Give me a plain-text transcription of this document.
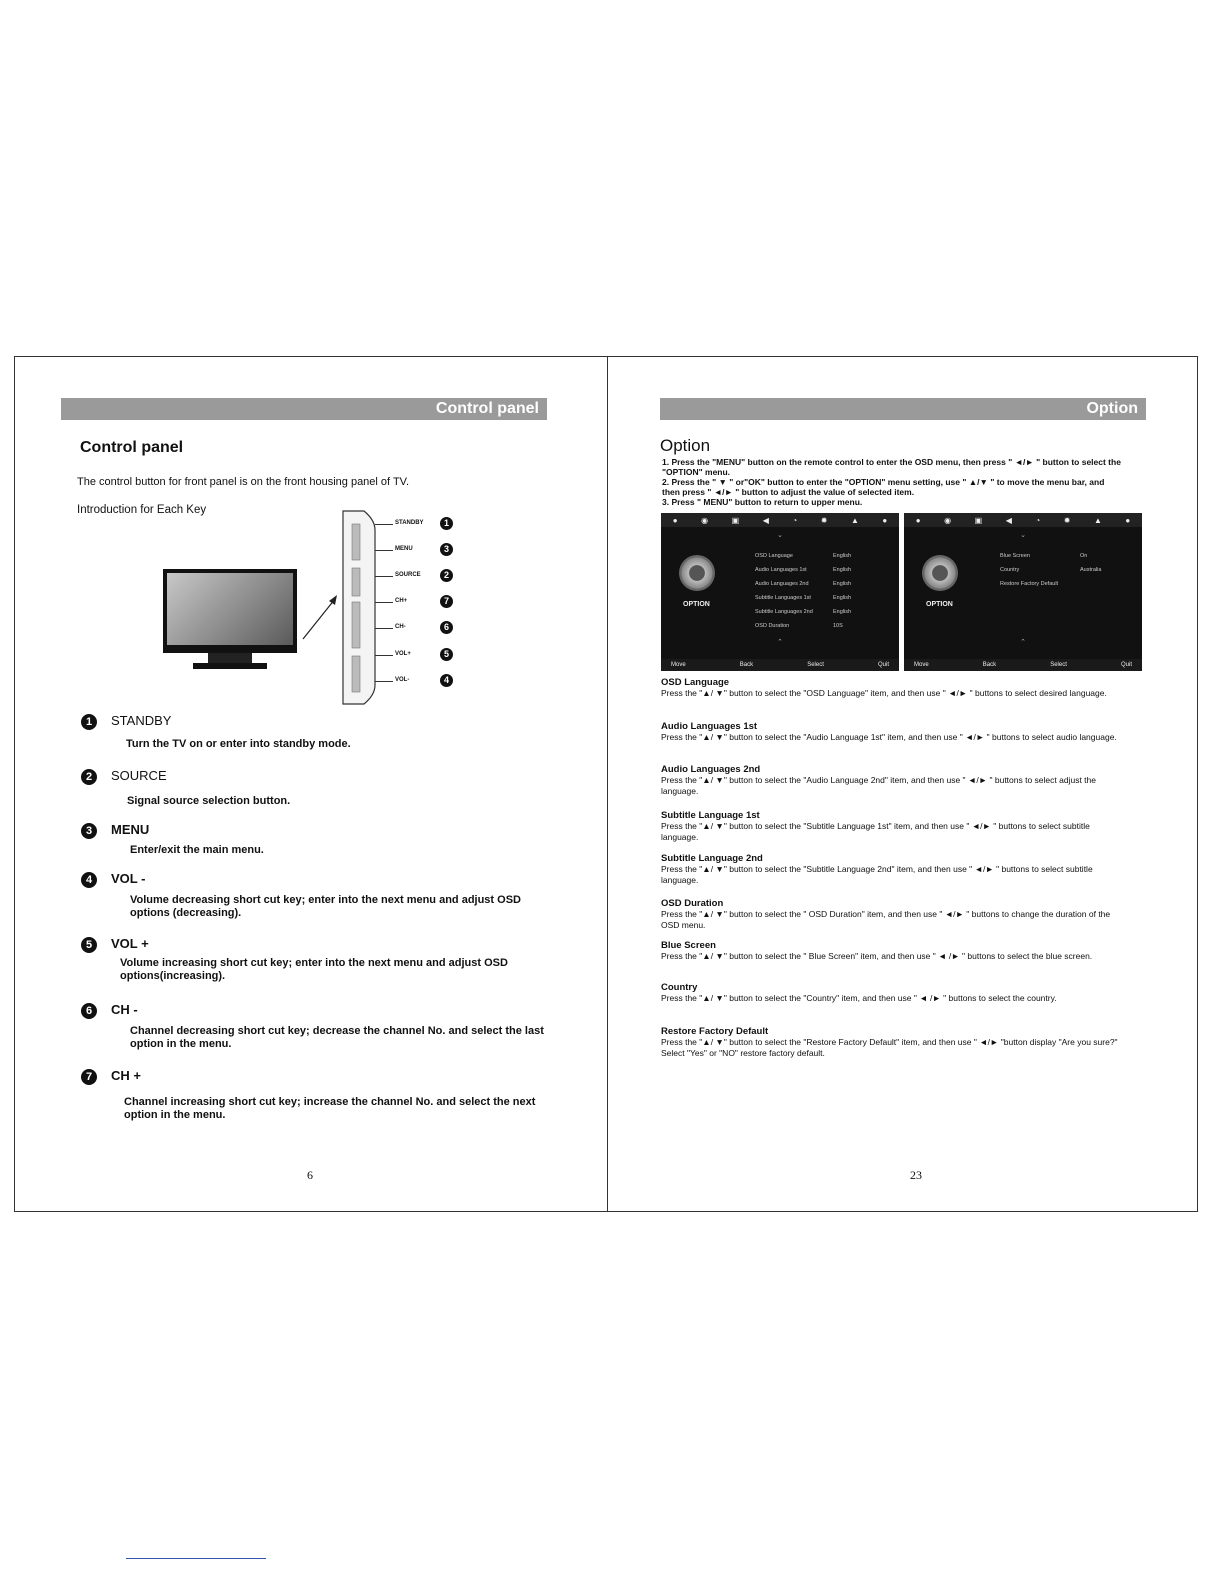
Control panel
Control panel
The control button for front panel is on the front housing panel of TV.
Introduction for Each Key
STANDBY	1
MENU	3
SOURCE	2
CH+	7
CH-	6
VOL+	5
VOL-	4
1 STANDBY
Turn the TV on or enter into standby mode.
2 SOURCE
Signal source selection button.
3 MENU
Enter/exit the main menu.
4 VOL -
Volume decreasing short cut key; enter into the next menu and adjust OSD options (decreasing).
5 VOL +
Volume increasing short cut key; enter into the next menu and adjust OSD options(increasing).
6 CH -
Channel decreasing short cut key; decrease the channel No. and select the last option in the menu.
7 CH +
Channel increasing short cut key; increase the channel No. and select the next option in the menu.
6
Option
Option
1. Press the "MENU" button on the remote control to enter the OSD menu, then press " ◄/► " button to select the "OPTION" menu.
2. Press the " ▼ " or"OK" button to enter the "OPTION" menu setting, use " ▲/▼ " to move the menu bar, and then press " ◄/► " button to adjust the value of selected item.
3. Press " MENU" button to return to upper menu.
●	◉	▣	◀	◔	✹	▲	●
⌄
OPTION
OSD Language	English
Audio Languages 1st	English
Audio Languages 2nd	English
Subtitle Languages 1st	English
Subtitle Languages 2nd	English
OSD Duration	10S
⌃
Move	Back	Select	Quit
●	◉	▣	◀	◔	✹	▲	●
⌄
OPTION
Blue Screen	On
Country	Australia
Restore Factory Default
⌃
Move	Back	Select	Quit
OSD Language
Press the "▲/ ▼" button to select the "OSD Language" item, and then use " ◄/► " buttons to select desired language.
Audio Languages 1st
Press the "▲/ ▼" button to select the "Audio Language 1st" item, and then use " ◄/► " buttons to select audio language.
Audio Languages 2nd
Press the "▲/ ▼" button to select the "Audio Language 2nd" item, and then use " ◄/► " buttons to select adjust the language.
Subtitle Language 1st
Press the "▲/ ▼" button to select the "Subtitle Language 1st" item, and then use " ◄/► " buttons to select subtitle language.
Subtitle Language 2nd
Press the "▲/ ▼" button to select the "Subtitle Language 2nd" item, and then use " ◄/► " buttons to select subtitle language.
OSD Duration
Press the "▲/ ▼" button to select the " OSD Duration" item, and then use " ◄/► " buttons to change the duration of the OSD menu.
Blue Screen
Press the "▲/ ▼" button to select the " Blue Screen" item, and then use " ◄ /► " buttons to select the blue screen.
Country
Press the "▲/ ▼" button to select the "Country" item, and then use " ◄ /► " buttons to select the country.
Restore Factory Default
Press the "▲/ ▼" button to select the "Restore Factory Default" item, and then use " ◄/► "button display "Are you sure?" Select "Yes" or "NO" restore factory default.
23
